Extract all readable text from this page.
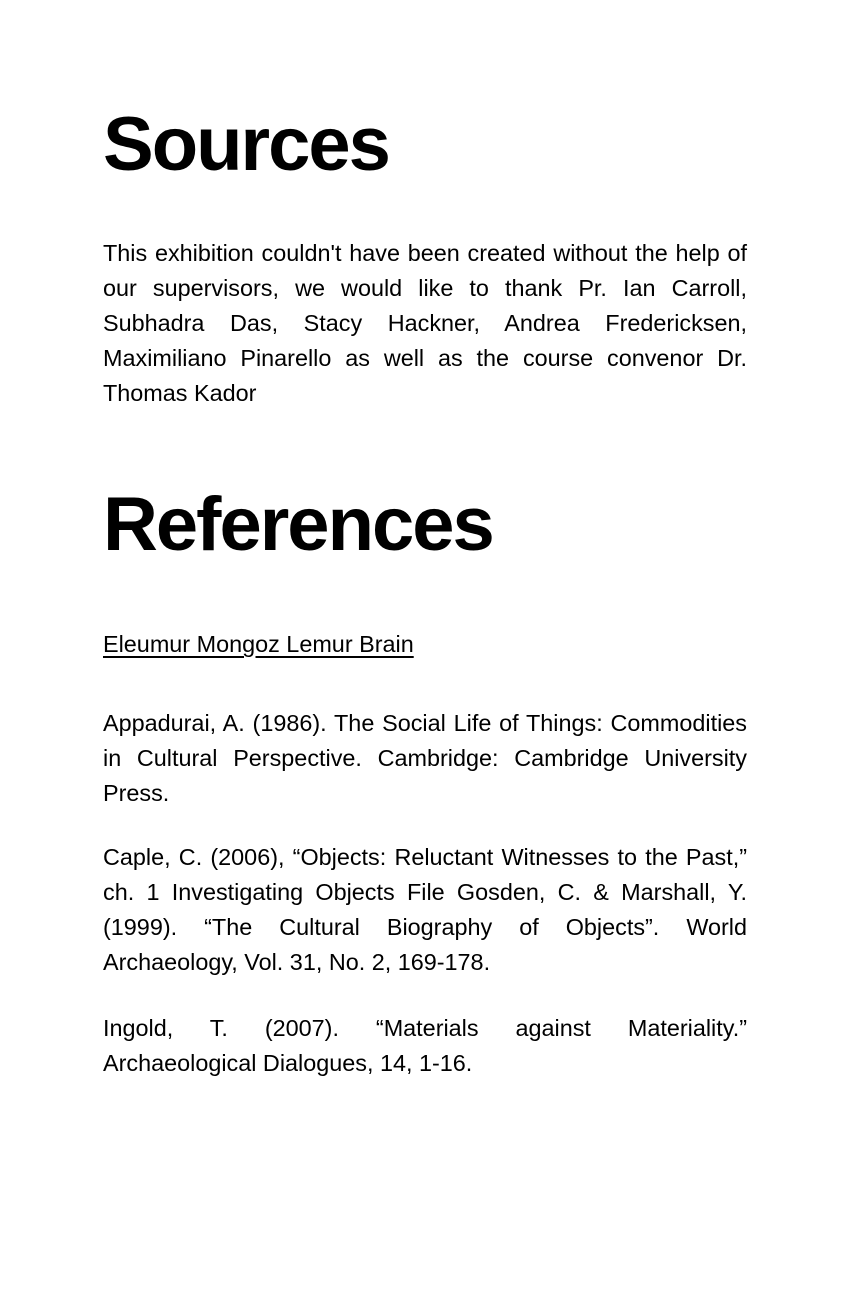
Sources

This exhibition couldn't have been created without the help of our supervisors, we would like to thank Pr. Ian Carroll, Subhadra Das, Stacy Hackner, Andrea Fredericksen, Maximiliano Pinarello as well as the course convenor Dr. Thomas Kador

References
Eleumur Mongoz Lemur Brain

Appadurai, A. (1986). The Social Life of Things: Commodities in Cultural Perspective. Cambridge: Cambridge University Press.

Caple, C. (2006), “Objects: Reluctant Witnesses to the Past,” ch. 1 Investigating Objects File Gosden, C. & Marshall, Y. (1999). “The Cultural Biography of Objects”. World Archaeology, Vol. 31, No. 2, 169-178.

Ingold, T. (2007). “Materials against Materiality.” Archaeological Dialogues, 14, 1-16.
